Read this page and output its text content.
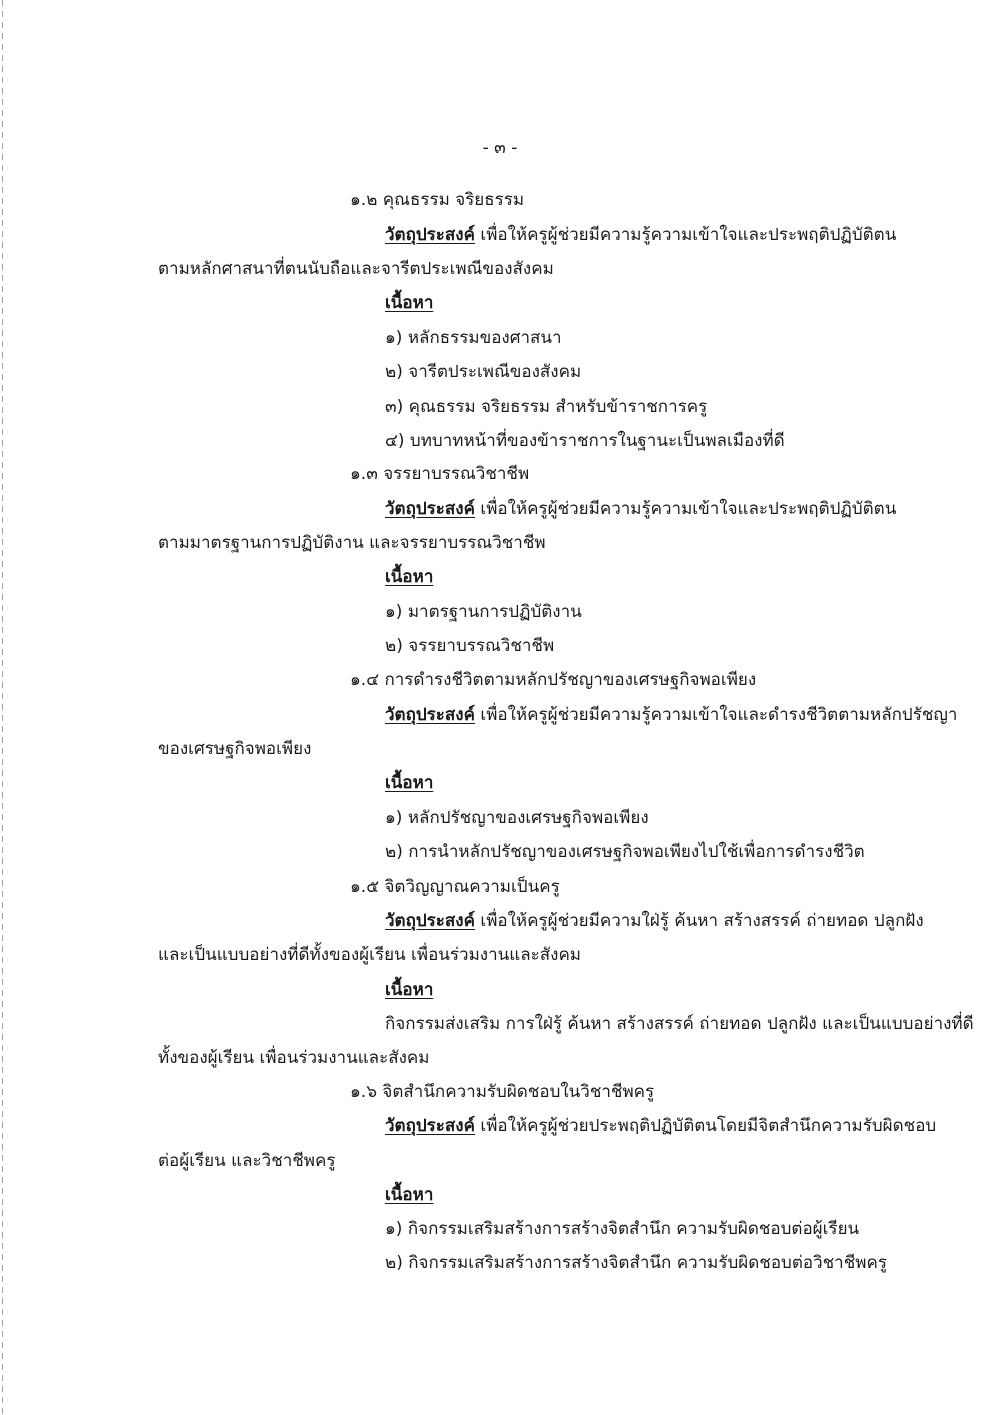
- ๓ -
๑.๒ คุณธรรม จริยธรรม
วัตถุประสงค์ เพื่อให้ครูผู้ช่วยมีความรู้ความเข้าใจและประพฤติปฏิบัติตน
ตามหลักศาสนาที่ตนนับถือและจารีตประเพณีของสังคม
เนื้อหา
๑) หลักธรรมของศาสนา
๒) จารีตประเพณีของสังคม
๓) คุณธรรม จริยธรรม สำหรับข้าราชการครู
๔) บทบาทหน้าที่ของข้าราชการในฐานะเป็นพลเมืองที่ดี
๑.๓ จรรยาบรรณวิชาชีพ
วัตถุประสงค์ เพื่อให้ครูผู้ช่วยมีความรู้ความเข้าใจและประพฤติปฏิบัติตน
ตามมาตรฐานการปฏิบัติงาน และจรรยาบรรณวิชาชีพ
เนื้อหา
๑) มาตรฐานการปฏิบัติงาน
๒) จรรยาบรรณวิชาชีพ
๑.๔ การดำรงชีวิตตามหลักปรัชญาของเศรษฐกิจพอเพียง
วัตถุประสงค์ เพื่อให้ครูผู้ช่วยมีความรู้ความเข้าใจและดำรงชีวิตตามหลักปรัชญา
ของเศรษฐกิจพอเพียง
เนื้อหา
๑) หลักปรัชญาของเศรษฐกิจพอเพียง
๒) การนำหลักปรัชญาของเศรษฐกิจพอเพียงไปใช้เพื่อการดำรงชีวิต
๑.๕ จิตวิญญาณความเป็นครู
วัตถุประสงค์ เพื่อให้ครูผู้ช่วยมีความใฝ่รู้ ค้นหา สร้างสรรค์ ถ่ายทอด ปลูกฝัง
และเป็นแบบอย่างที่ดีทั้งของผู้เรียน เพื่อนร่วมงานและสังคม
เนื้อหา
กิจกรรมส่งเสริม การใฝ่รู้ ค้นหา สร้างสรรค์ ถ่ายทอด ปลูกฝัง และเป็นแบบอย่างที่ดี
ทั้งของผู้เรียน เพื่อนร่วมงานและสังคม
๑.๖ จิตสำนึกความรับผิดชอบในวิชาชีพครู
วัตถุประสงค์ เพื่อให้ครูผู้ช่วยประพฤติปฏิบัติตนโดยมีจิตสำนึกความรับผิดชอบ
ต่อผู้เรียน และวิชาชีพครู
เนื้อหา
๑) กิจกรรมเสริมสร้างการสร้างจิตสำนึก ความรับผิดชอบต่อผู้เรียน
๒) กิจกรรมเสริมสร้างการสร้างจิตสำนึก ความรับผิดชอบต่อวิชาชีพครู
